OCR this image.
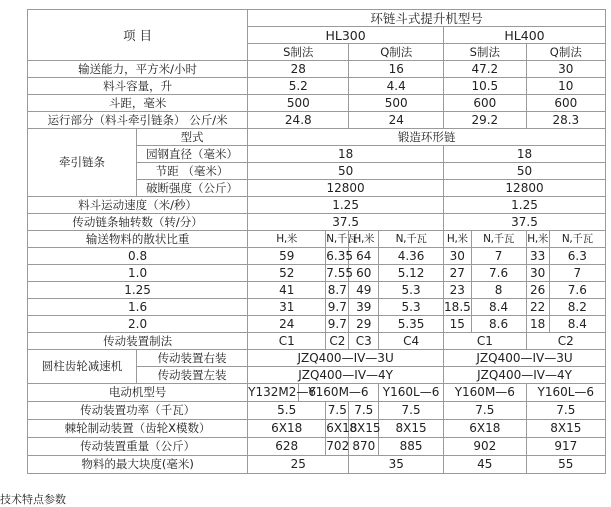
项 目		环链斗式提升机型号								
		HL300					HL400			
		S制法			Q制法		S制法		Q制法	
输送能力，平方米/小时		28			16		47.2		30	
料斗容量，升		5.2			4.4		10.5		10	
斗距，毫米		500			500		600		600	
运行部分（料斗牵引链条） 公斤/米		24.8			24		29.2		28.3	
牵引链条	型式	锻造环形链								
	园钢直径（毫米）	18					18			
	节距 （毫米）	50					50			
	破断强度（公斤）	12800					12800			
料斗运动速度（米/秒）		1.25					1.25			
传动链条轴转数（转/分）		37.5					37.5			
输送物料的散状比重		H,米		N,千瓦	H,米	N,千瓦	H,米	N,千瓦	H,米	N,千瓦
0.8		59		6.35	64	4.36	30	7	33	6.3
1.0		52		7.55	60	5.12	27	7.6	30	7
1.25		41		8.7	49	5.3	23	8	26	7.6
1.6		31		9.7	39	5.3	18.5	8.4	22	8.2
2.0		24		9.7	29	5.35	15	8.6	18	8.4
传动装置制法		C1		C2	C3	C4	C1		C2	
圆柱齿轮减速机	传动装置右装	JZQ400—IV—3U					JZQ400—IV—3U			
	传动装置左装	JZQ400—IV—4Y					JZQ400—IV—4Y			
电动机型号		Y132M2—6	Y160M—6			Y160L—6	Y160M—6		Y160L—6	
传动装置功率（千瓦）		5.5		7.5	7.5	7.5	7.5		7.5	
棘轮制动装置（齿轮X模数）		6X18		6X18	8X15	8X15	6X18		8X15	
传动装置重量（公斤）		628		702	870	885	902		917	
物料的最大块度(毫米)		25			35		45		55	
技术特点参数
